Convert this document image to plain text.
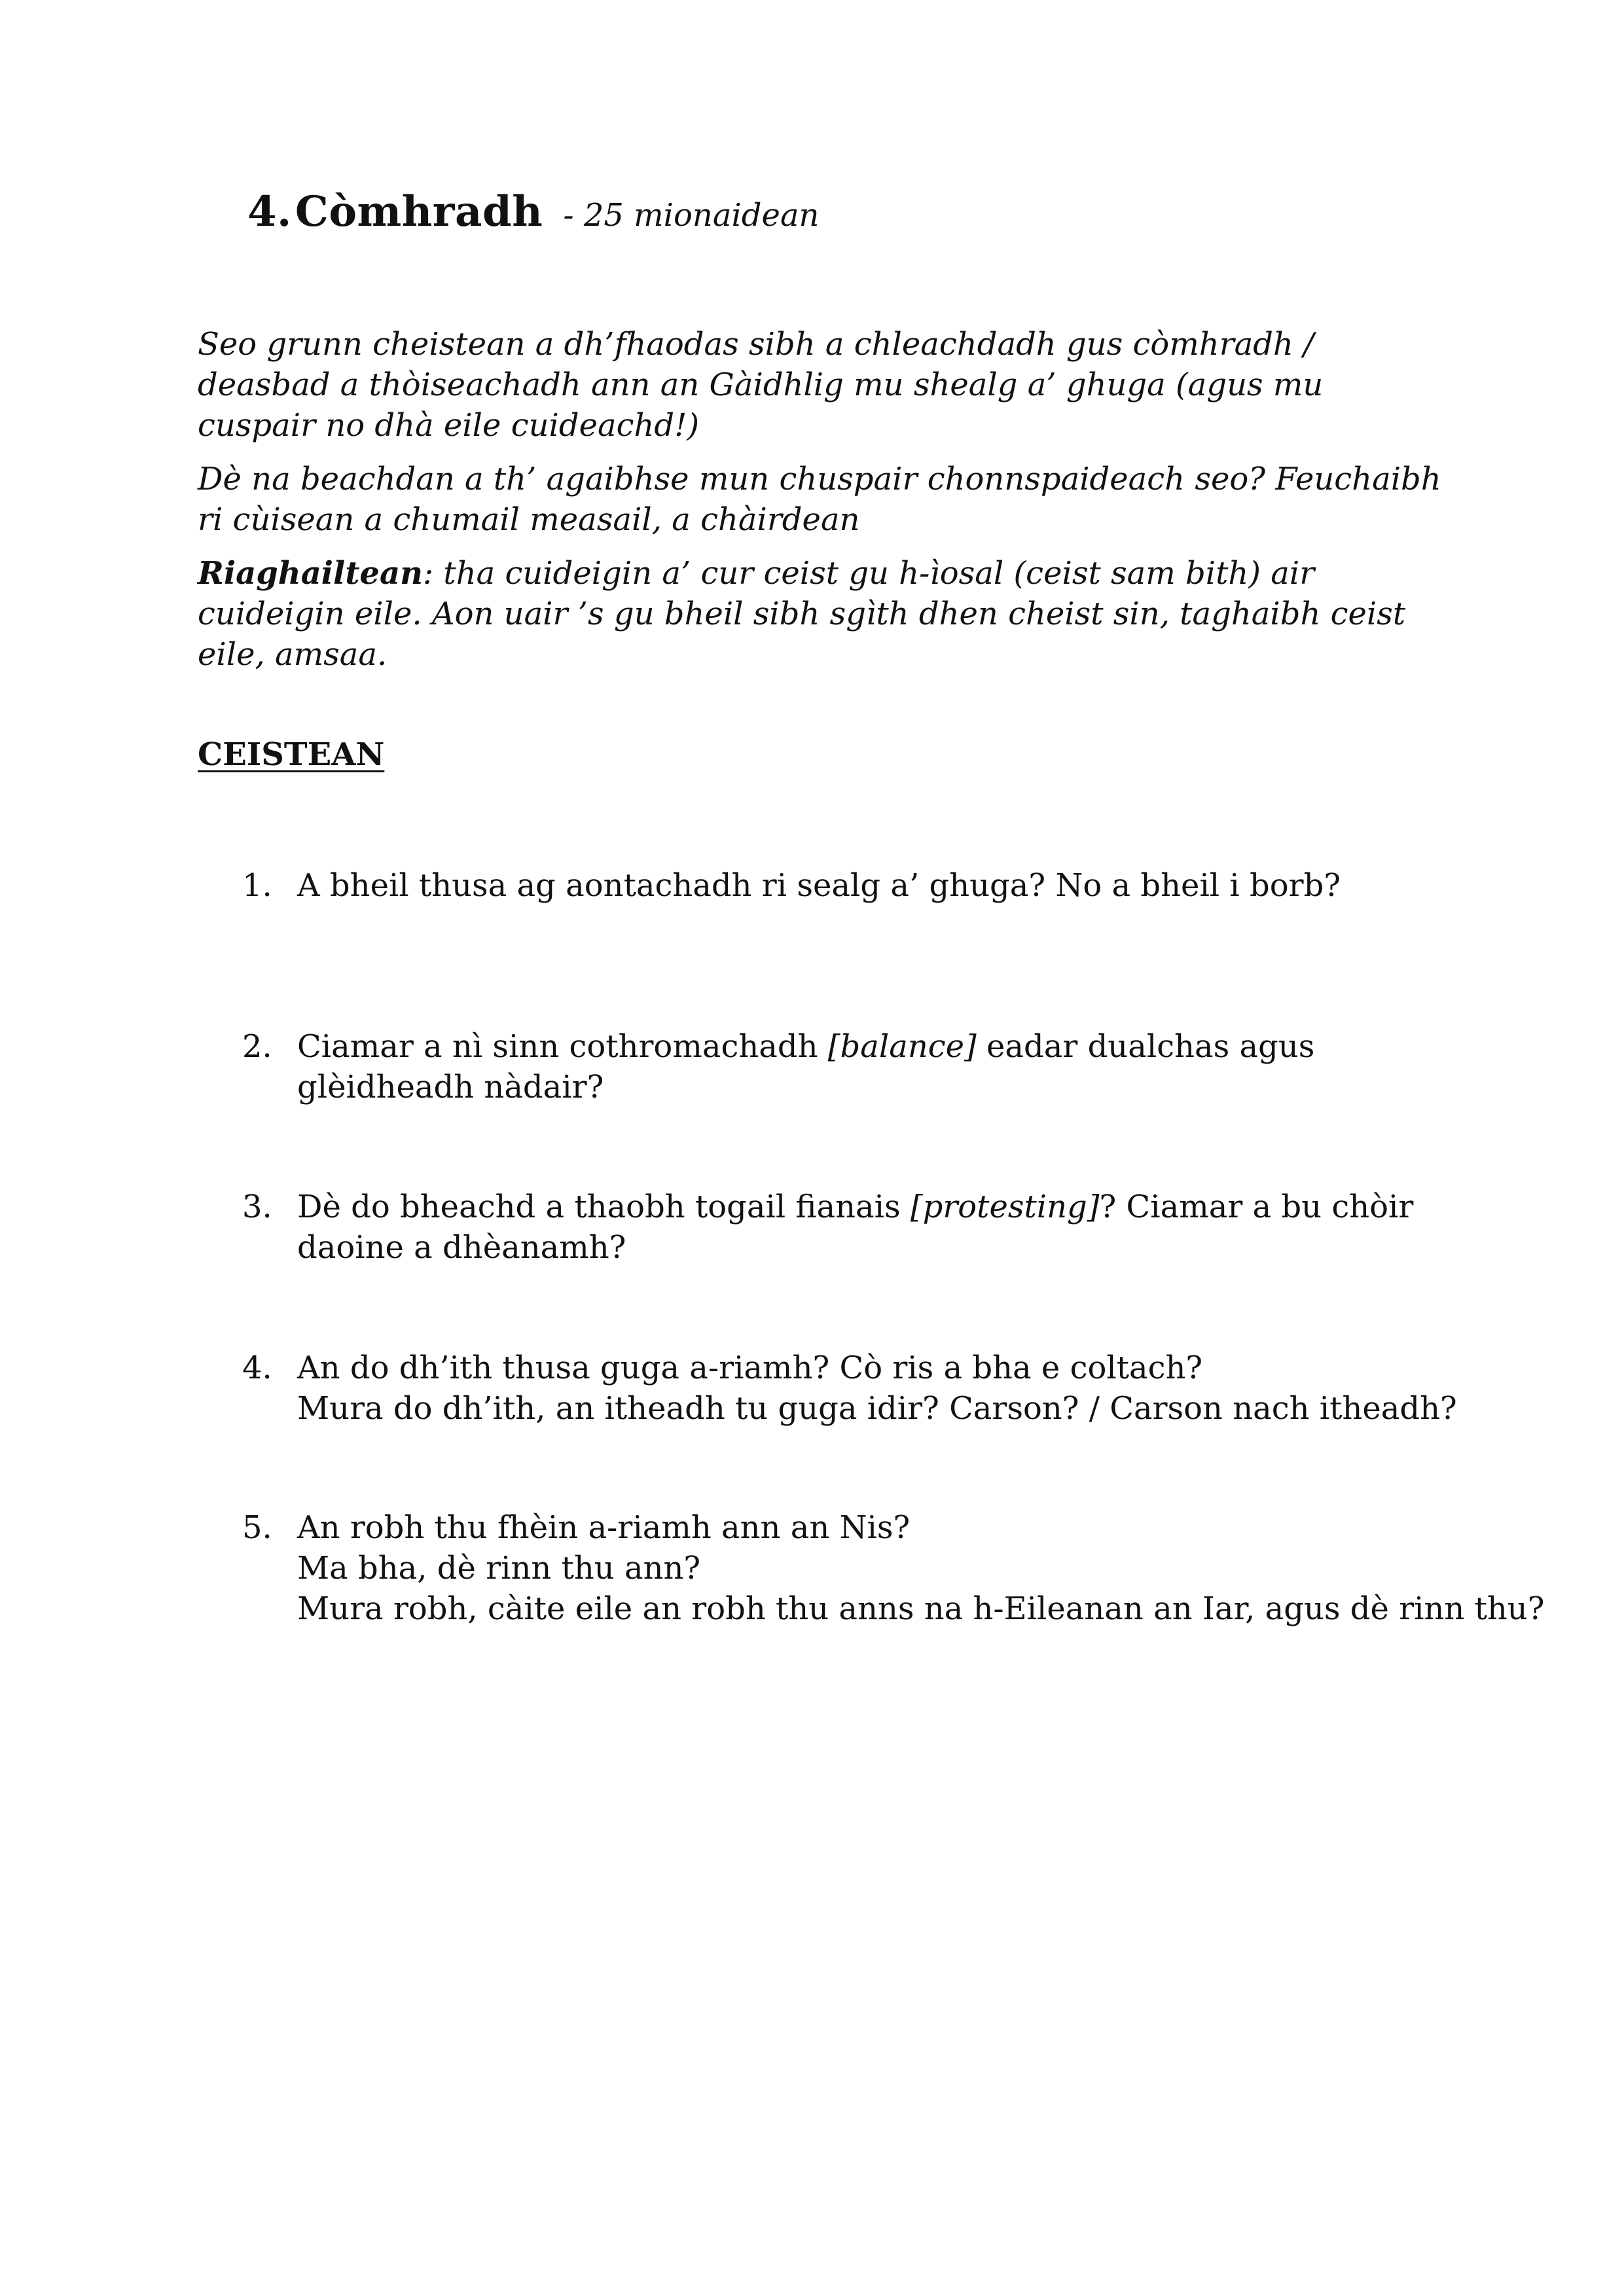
4. Còmhradh - 25 mionaidean

Seo grunn cheistean a dh’fhaodas sibh a chleachdadh gus còmhradh / deasbad a thòiseachadh ann an Gàidhlig mu shealg a’ ghuga (agus mu cuspair no dhà eile cuideachd!)

Dè na beachdan a th’ agaibhse mun chuspair chonnspaideach seo? Feuchaibh ri cùisean a chumail measail, a chàirdean

Riaghailtean: tha cuideigin a’ cur ceist gu h-ìosal (ceist sam bith) air cuideigin eile. Aon uair ’s gu bheil sibh sgìth dhen cheist sin, taghaibh ceist eile, amsaa.

CEISTEAN
1. A bheil thusa ag aontachadh ri sealg a’ ghuga? No a bheil i borb?
2. Ciamar a nì sinn cothromachadh [balance] eadar dualchas agus glèidheadh nàdair?
3. Dè do bheachd a thaobh togail fianais [protesting]? Ciamar a bu chòir daoine a dhèanamh?
4. An do dh’ith thusa guga a-riamh? Cò ris a bha e coltach?
Mura do dh’ith, an itheadh tu guga idir? Carson? / Carson nach itheadh?
5. An robh thu fhèin a-riamh ann an Nis?
Ma bha, dè rinn thu ann?
Mura robh, càite eile an robh thu anns na h-Eileanan an Iar, agus dè rinn thu?
